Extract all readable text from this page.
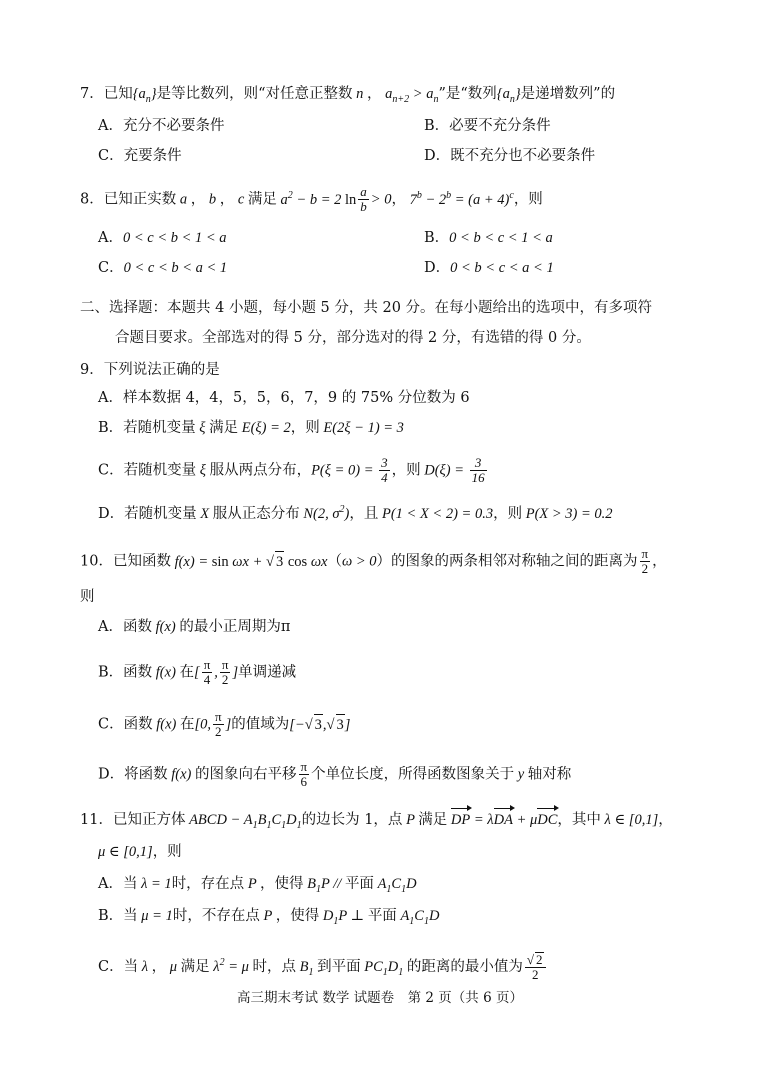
7．已知$\{a_n\}$是等比数列，则“对任意正整数 n ， $a_{n+2} > a_n$”是“数列$\{a_n\}$是递增数列”的
A．充分不必要条件	B．必要不充分条件
C．充要条件	D．既不充分也不必要条件
8．已知正实数 a ， b ， c 满足 $a^2 - b = 2$ $\ln \frac{a}{b} > 0$， $7^b - 2^b = (a + 4)^c$，则
A．0 < c < b < 1 < a	B．0 < b < c < 1 < a
C．0 < c < b < a < 1	D．0 < b < c < a < 1
二、选择题：本题共 4 小题，每小题 5 分，共 20 分。在每小题给出的选项中，有多项符
合题目要求。全部选对的得 5 分，部分选对的得 2 分，有选错的得 0 分。
9．下列说法正确的是
A．样本数据 4，4，5，5，6，7，9 的 75% 分位数为 6
B．若随机变量 ξ 满足 E(ξ) = 2，则 E(2ξ − 1) = 3
C．若随机变量 ξ 服从两点分布，$P(\xi = 0) = \frac{3}{4}$ ，则 $D(\xi) = \frac{3}{16}$
D．若随机变量 X 服从正态分布 N(2, $\sigma^2$)，且 P(1 < X < 2) = 0.3，则 P(X > 3) = 0.2
10．已知函数 f(x) = sin ωx + √ 3 cos ωx（ω > 0）的图象的两条相邻对称轴之间的距离为 $\frac{\pi}{2}$ ，
则
A．函数 f(x) 的最小正周期为π
B．函数 f(x) 在[ $\frac{\pi}{4}$ , $\frac{\pi}{2}$ ]单调递减
C．函数 f(x) 在[0, $\frac{\pi}{2}$ ]的值域为[−√ 3,√ 3]
D．将函数 f(x) 的图象向右平移 $\frac{\pi}{6}$ 个单位长度，所得函数图象关于 y 轴对称
11．已知正方体 ABCD − $A_1B_1C_1D_1$的边长为 1，点 P 满足 DP = λDA + μDC，其中 λ ∈ [0,1]，
μ ∈ [0,1]，则
A．当 λ = 1时，存在点 P ，使得 $B_1P$ // 平面 $A_1C_1D$
B．当 μ = 1时，不存在点 P ，使得 $D_1P$ ⊥ 平面 $A_1C_1D$
C．当 λ ， μ 满足 $\lambda^2 = \mu$ 时，点 $B_1$ 到平面 $PC_1D_1$ 的距离的最小值为 $\frac{√ 2}{2}$
高三期末考试 数学 试题卷　第 2 页（共 6 页）
